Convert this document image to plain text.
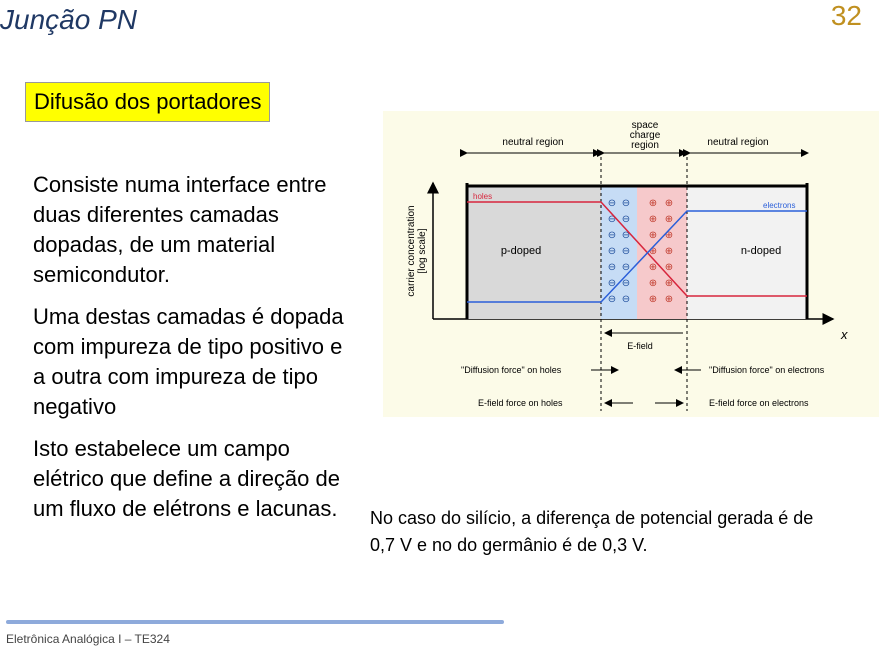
Junção PN	32
Difusão dos portadores
Consiste numa interface entre duas diferentes camadas dopadas, de um material semicondutor.
Uma destas camadas é dopada com impureza de tipo positivo e a outra com impureza de tipo negativo
Isto estabelece um campo elétrico que define a direção de um fluxo de elétrons e lacunas.
neutral region
space
charge
region	neutral region
carrier concentration [log scale]
x
⊖ ⊖
⊖ ⊖
⊖ ⊖
⊖ ⊖
⊖ ⊖
⊖ ⊖
⊖ ⊖
⊕ ⊕
⊕ ⊕
⊕ ⊕
⊕ ⊕
⊕ ⊕
⊕ ⊕
⊕ ⊕
holes
electrons
p-doped	n-doped
E-field
"Diffusion force" on holes	"Diffusion force" on electrons
E-field force on holes	E-field force on electrons
No caso do silício, a diferença de potencial gerada é de 0,7 V e no do germânio é de 0,3 V.
Eletrônica Analógica I – TE324
